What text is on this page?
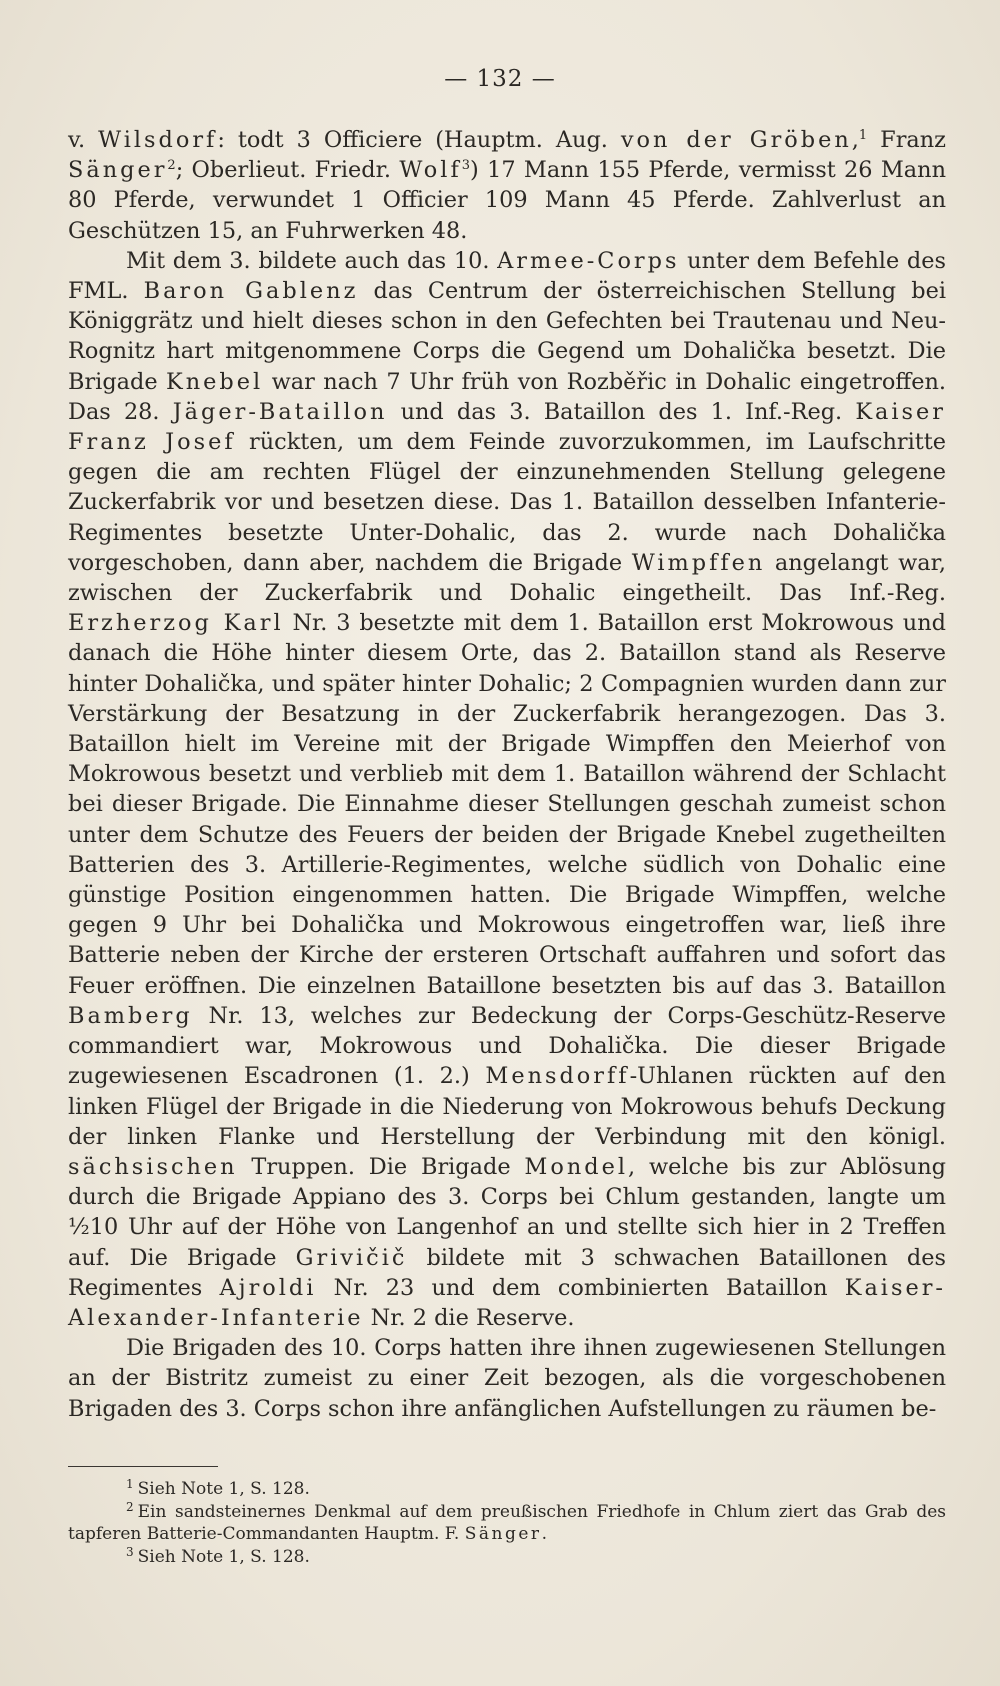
— 132 —

v. Wilsdorf: todt 3 Officiere (Hauptm. Aug. von der Gröben,$^1$ Franz Sänger$^2$; Oberlieut. Friedr. Wolf$^3$) 17 Mann 155 Pferde, vermisst 26 Mann 80 Pferde, verwundet 1 Officier 109 Mann 45 Pferde. Zahlverlust an Geschützen 15, an Fuhrwerken 48.

Mit dem 3. bildete auch das 10. Armee-Corps unter dem Befehle des FML. Baron Gablenz das Centrum der österreichischen Stellung bei Königgrätz und hielt dieses schon in den Gefechten bei Trautenau und Neu-Rognitz hart mitgenommene Corps die Gegend um Dohalička besetzt. Die Brigade Knebel war nach 7 Uhr früh von Rozběřic in Dohalic eingetroffen. Das 28. Jäger-Bataillon und das 3. Bataillon des 1. Inf.-Reg. Kaiser Franz Josef rückten, um dem Feinde zuvorzukommen, im Laufschritte gegen die am rechten Flügel der einzunehmenden Stellung gelegene Zuckerfabrik vor und besetzen diese. Das 1. Bataillon desselben Infanterie-Regimentes besetzte Unter-Dohalic, das 2. wurde nach Dohalička vorgeschoben, dann aber, nachdem die Brigade Wimpffen angelangt war, zwischen der Zuckerfabrik und Dohalic eingetheilt. Das Inf.-Reg. Erzherzog Karl Nr. 3 besetzte mit dem 1. Bataillon erst Mokrowous und danach die Höhe hinter diesem Orte, das 2. Bataillon stand als Reserve hinter Dohalička, und später hinter Dohalic; 2 Compagnien wurden dann zur Verstärkung der Besatzung in der Zuckerfabrik herangezogen. Das 3. Bataillon hielt im Vereine mit der Brigade Wimpffen den Meierhof von Mokrowous besetzt und verblieb mit dem 1. Bataillon während der Schlacht bei dieser Brigade. Die Einnahme dieser Stellungen geschah zumeist schon unter dem Schutze des Feuers der beiden der Brigade Knebel zugetheilten Batterien des 3. Artillerie-Regimentes, welche südlich von Dohalic eine günstige Position eingenommen hatten. Die Brigade Wimpffen, welche gegen 9 Uhr bei Dohalička und Mokrowous eingetroffen war, ließ ihre Batterie neben der Kirche der ersteren Ortschaft auffahren und sofort das Feuer eröffnen. Die einzelnen Bataillone besetzten bis auf das 3. Bataillon Bamberg Nr. 13, welches zur Bedeckung der Corps-Geschütz-Reserve commandiert war, Mokrowous und Dohalička. Die dieser Brigade zugewiesenen Escadronen (1. 2.) Mensdorff-Uhlanen rückten auf den linken Flügel der Brigade in die Niederung von Mokrowous behufs Deckung der linken Flanke und Herstellung der Verbindung mit den königl. sächsischen Truppen. Die Brigade Mondel, welche bis zur Ablösung durch die Brigade Appiano des 3. Corps bei Chlum gestanden, langte um ½10 Uhr auf der Höhe von Langenhof an und stellte sich hier in 2 Treffen auf. Die Brigade Grivičič bildete mit 3 schwachen Bataillonen des Regimentes Ajroldi Nr. 23 und dem combinierten Bataillon Kaiser-Alexander-Infanterie Nr. 2 die Reserve.

Die Brigaden des 10. Corps hatten ihre ihnen zugewiesenen Stellungen an der Bistritz zumeist zu einer Zeit bezogen, als die vorgeschobenen Brigaden des 3. Corps schon ihre anfänglichen Aufstellungen zu räumen be-

$^1$ Sieh Note 1, S. 128.

$^2$ Ein sandsteinernes Denkmal auf dem preußischen Friedhofe in Chlum ziert das Grab des tapferen Batterie-Commandanten Hauptm. F. Sänger.

$^3$ Sieh Note 1, S. 128.
